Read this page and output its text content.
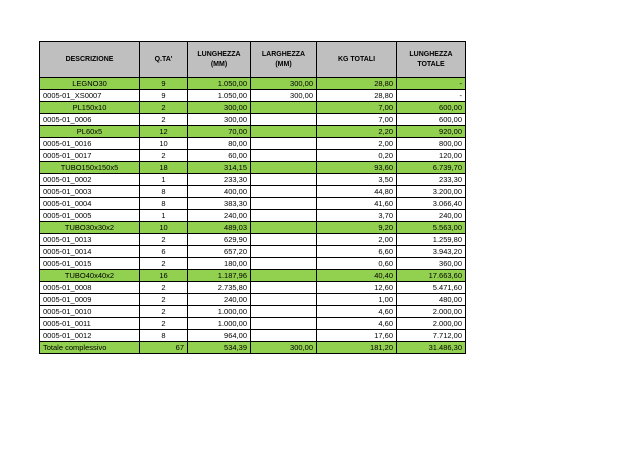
DESCRIZIONE	Q.TA'	LUNGHEZZA (MM)	LARGHEZZA (MM)	KG TOTALI	LUNGHEZZA TOTALE
LEGNO30	9	1.050,00	300,00	28,80	-
0005-01_XS0007	9	1.050,00	300,00	28,80	-
PL150x10	2	300,00		7,00	600,00
0005-01_0006	2	300,00		7,00	600,00
PL60x5	12	70,00		2,20	920,00
0005-01_0016	10	80,00		2,00	800,00
0005-01_0017	2	60,00		0,20	120,00
TUBO150x150x5	18	314,15		93,60	6.739,70
0005-01_0002	1	233,30		3,50	233,30
0005-01_0003	8	400,00		44,80	3.200,00
0005-01_0004	8	383,30		41,60	3.066,40
0005-01_0005	1	240,00		3,70	240,00
TUBO30x30x2	10	489,03		9,20	5.563,00
0005-01_0013	2	629,90		2,00	1.259,80
0005-01_0014	6	657,20		6,60	3.943,20
0005-01_0015	2	180,00		0,60	360,00
TUBO40x40x2	16	1.187,96		40,40	17.663,60
0005-01_0008	2	2.735,80		12,60	5.471,60
0005-01_0009	2	240,00		1,00	480,00
0005-01_0010	2	1.000,00		4,60	2.000,00
0005-01_0011	2	1.000,00		4,60	2.000,00
0005-01_0012	8	964,00		17,60	7.712,00
Totale complessivo	67	534,39	300,00	181,20	31.486,30
